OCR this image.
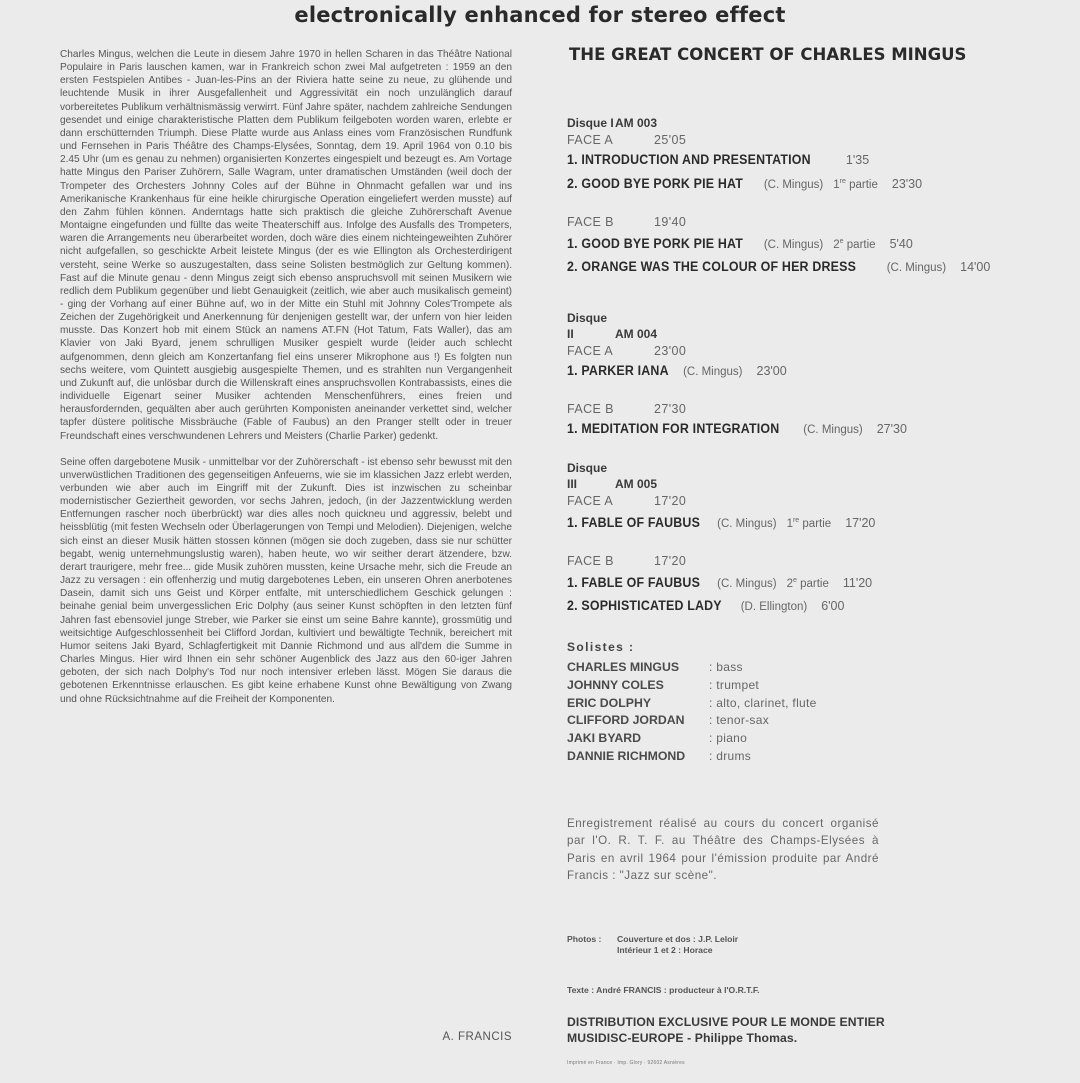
electronically enhanced for stereo effect

Charles Mingus, welchen die Leute in diesem Jahre 1970 in hellen Scharen in das Théâtre National Populaire in Paris lauschen kamen, war in Frankreich schon zwei Mal aufgetreten : 1959 an den ersten Festspielen Antibes - Juan-les-Pins an der Riviera hatte seine zu neue, zu glühende und leuchtende Musik in ihrer Ausgefallenheit und Aggressivität ein noch unzulänglich darauf vorbereitetes Publikum verhältnismässig verwirrt. Fünf Jahre später, nachdem zahlreiche Sendungen gesendet und einige charakteristische Platten dem Publikum feilgeboten worden waren, erlebte er dann erschütternden Triumph. Diese Platte wurde aus Anlass eines vom Französischen Rundfunk und Fernsehen in Paris Théâtre des Champs-Elysées, Sonntag, dem 19. April 1964 von 0.10 bis 2.45 Uhr (um es genau zu nehmen) organisierten Konzertes eingespielt und bezeugt es. Am Vortage hatte Mingus den Pariser Zuhörern, Salle Wagram, unter dramatischen Umständen (weil doch der Trompeter des Orchesters Johnny Coles auf der Bühne in Ohnmacht gefallen war und ins Amerikanische Krankenhaus für eine heikle chirurgische Operation eingeliefert werden musste) auf den Zahm fühlen können. Anderntags hatte sich praktisch die gleiche Zuhörerschaft Avenue Montaigne eingefunden und füllte das weite Theaterschiff aus. Infolge des Ausfalls des Trompeters, waren die Arrangements neu überarbeitet worden, doch wäre dies einem nichteingeweihten Zuhörer nicht aufgefallen, so geschickte Arbeit leistete Mingus (der es wie Ellington als Orchesterdirigent versteht, seine Werke so auszugestalten, dass seine Solisten bestmöglich zur Geltung kommen). Fast auf die Minute genau - denn Mingus zeigt sich ebenso anspruchsvoll mit seinen Musikern wie redlich dem Publikum gegenüber und liebt Genauigkeit (zeitlich, wie aber auch musikalisch gemeint) - ging der Vorhang auf einer Bühne auf, wo in der Mitte ein Stuhl mit Johnny Coles'Trompete als Zeichen der Zugehörigkeit und Anerkennung für denjenigen gestellt war, der unfern von hier leiden musste. Das Konzert hob mit einem Stück an namens AT.FN (Hot Tatum, Fats Waller), das am Klavier von Jaki Byard, jenem schrulligen Musiker gespielt wurde (leider auch schlecht aufgenommen, denn gleich am Konzertanfang fiel eins unserer Mikrophone aus !) Es folgten nun sechs weitere, vom Quintett ausgiebig ausgespielte Themen, und es strahlten nun Vergangenheit und Zukunft auf, die unlösbar durch die Willenskraft eines anspruchsvollen Kontrabassists, eines die individuelle Eigenart seiner Musiker achtenden Menschenführers, eines freien und herausfordernden, gequälten aber auch gerührten Komponisten aneinander verkettet sind, welcher tapfer düstere politische Missbräuche (Fable of Faubus) an den Pranger stellt oder in treuer Freundschaft eines verschwundenen Lehrers und Meisters (Charlie Parker) gedenkt.

Seine offen dargebotene Musik - unmittelbar vor der Zuhörerschaft - ist ebenso sehr bewusst mit den unverwüstlichen Traditionen des gegenseitigen Anfeuerns, wie sie im klassichen Jazz erlebt werden, verbunden wie aber auch im Eingriff mit der Zukunft. Dies ist inzwischen zu scheinbar modernistischer Geziertheit geworden, vor sechs Jahren, jedoch, (in der Jazzentwicklung werden Entfernungen rascher noch überbrückt) war dies alles noch quickneu und aggressiv, belebt und heissblütig (mit festen Wechseln oder Überlagerungen von Tempi und Melodien). Diejenigen, welche sich einst an dieser Musik hätten stossen können (mögen sie doch zugeben, dass sie nur schütter begabt, wenig unternehmungslustig waren), haben heute, wo wir seither derart ätzendere, bzw. derart traurigere, mehr free... gide Musik zuhören mussten, keine Ursache mehr, sich die Freude an Jazz zu versagen : ein offenherzig und mutig dargebotenes Leben, ein unseren Ohren anerbotenes Dasein, damit sich uns Geist und Körper entfalte, mit unterschiedlichem Geschick gelungen : beinahe genial beim unvergesslichen Eric Dolphy (aus seiner Kunst schöpften in den letzten fünf Jahren fast ebensoviel junge Streber, wie Parker sie einst um seine Bahre kannte), grossmütig und weitsichtige Aufgeschlossenheit bei Clifford Jordan, kultiviert und bewältigte Technik, bereichert mit Humor seitens Jaki Byard, Schlagfertigkeit mit Dannie Richmond und aus all'dem die Summe in Charles Mingus. Hier wird Ihnen ein sehr schöner Augenblick des Jazz aus den 60-iger Jahren geboten, der sich nach Dolphy's Tod nur noch intensiver erleben lässt. Mögen Sie daraus die gebotenen Erkenntnisse erlauschen. Es gibt keine erhabene Kunst ohne Bewältigung von Zwang und ohne Rücksichtnahme auf die Freiheit der Komponenten.

A. FRANCIS
THE GREAT CONCERT OF CHARLES MINGUS
Disque IAM 003
FACE A	25'05
1. INTRODUCTION AND PRESENTATION	1'35
2. GOOD BYE PORK PIE HAT (C. Mingus) 1re partie 23'30
FACE B	19'40
1. GOOD BYE PORK PIE HAT (C. Mingus) 2e partie 5'40
2. ORANGE WAS THE COLOUR OF HER DRESS	(C. Mingus) 14'00
Disque II	AM 004
FACE A	23'00
1. PARKER IANA (C. Mingus) 23'00
FACE B	27'30
1. MEDITATION FOR INTEGRATION (C. Mingus) 27'30
Disque III	AM 005
FACE A	17'20
1. FABLE OF FAUBUS (C. Mingus) 1re partie 17'20
FACE B	17'20
1. FABLE OF FAUBUS (C. Mingus) 2e partie 11'20
2. SOPHISTICATED LADY (D. Ellington) 6'00
Solistes :
CHARLES MINGUS : bass
JOHNNY COLES	: trumpet
ERIC DOLPHY	: alto, clarinet, flute
CLIFFORD JORDAN : tenor-sax
JAKI BYARD	: piano
DANNIE RICHMOND : drums
Enregistrement réalisé au cours du concert organisé par l'O. R. T. F. au Théâtre des Champs-Elysées à Paris en avril 1964 pour l'émission produite par André Francis : "Jazz sur scène".
Photos : Couverture et dos : J.P. Leloir
Intérieur 1 et 2 : Horace
Texte : André FRANCIS : producteur à l'O.R.T.F.
DISTRIBUTION EXCLUSIVE POUR LE MONDE ENTIER
MUSIDISC-EUROPE - Philippe Thomas.
Imprimé en France · Imp. Glory · 92602 Asnières
